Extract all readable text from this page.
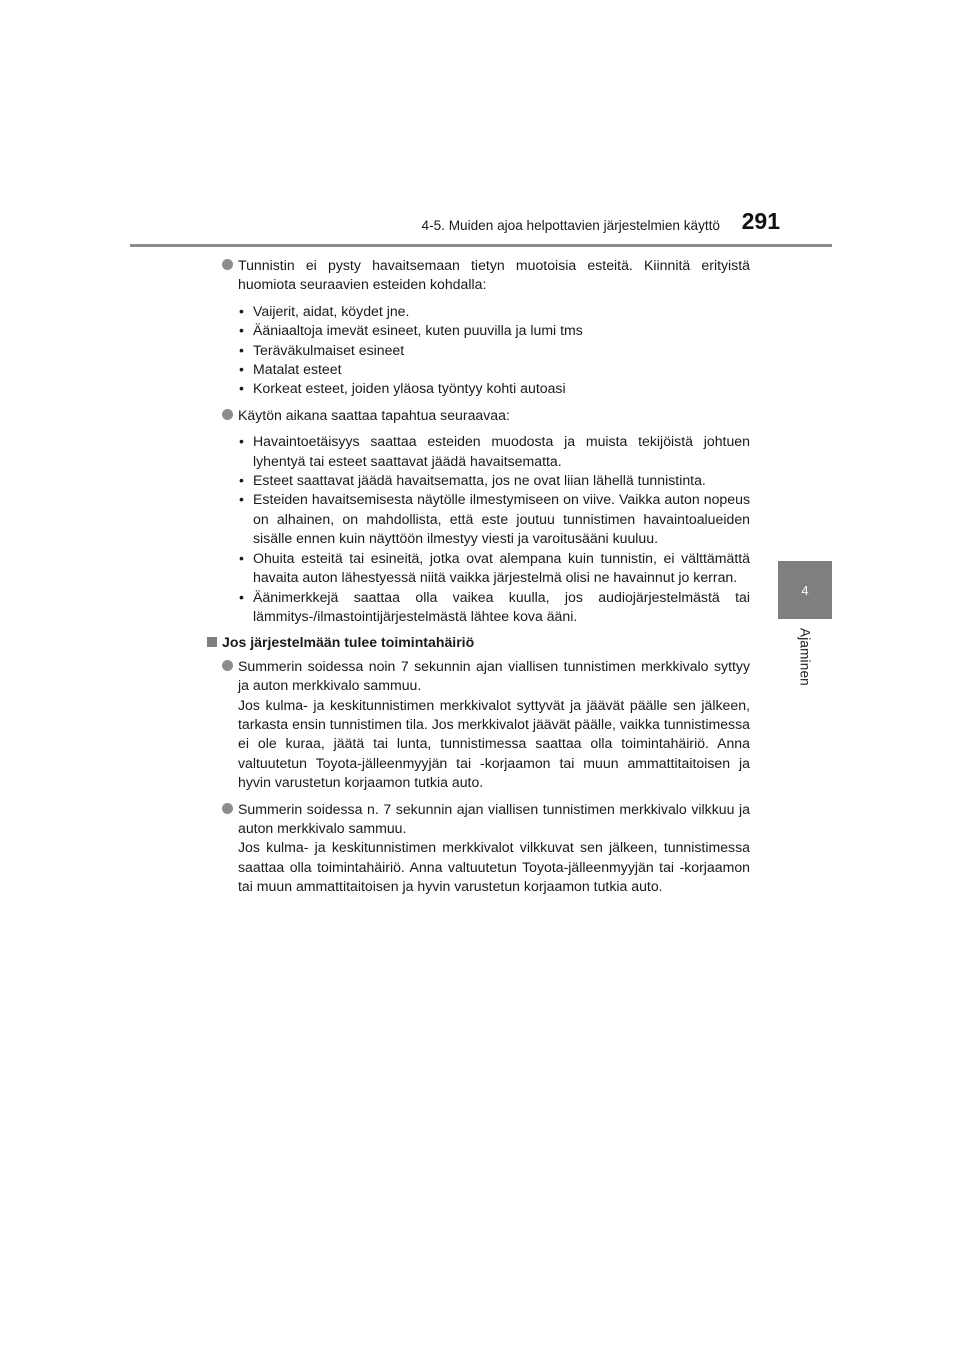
4-5. Muiden ajoa helpottavien järjestelmien käyttö 291
4
Ajaminen
Tunnistin ei pysty havaitsemaan tietyn muotoisia esteitä. Kiinnitä erityistä huomiota seuraavien esteiden kohdalla:
• Vaijerit, aidat, köydet jne.
• Ääniaaltoja imevät esineet, kuten puuvilla ja lumi tms
• Teräväkulmaiset esineet
• Matalat esteet
• Korkeat esteet, joiden yläosa työntyy kohti autoasi
Käytön aikana saattaa tapahtua seuraavaa:
• Havaintoetäisyys saattaa esteiden muodosta ja muista tekijöistä johtuen lyhentyä tai esteet saattavat jäädä havaitsematta.
• Esteet saattavat jäädä havaitsematta, jos ne ovat liian lähellä tunnistinta.
• Esteiden havaitsemisesta näytölle ilmestymiseen on viive. Vaikka auton nopeus on alhainen, on mahdollista, että este joutuu tunnistimen havaintoalueiden sisälle ennen kuin näyttöön ilmestyy viesti ja varoitusääni kuuluu.
• Ohuita esteitä tai esineitä, jotka ovat alempana kuin tunnistin, ei välttämättä havaita auton lähestyessä niitä vaikka järjestelmä olisi ne havainnut jo kerran.
• Äänimerkkejä saattaa olla vaikea kuulla, jos audiojärjestelmästä tai lämmitys-/ilmastointijärjestelmästä lähtee kova ääni.
Jos järjestelmään tulee toimintahäiriö
Summerin soidessa noin 7 sekunnin ajan viallisen tunnistimen merkkivalo syttyy ja auton merkkivalo sammuu.
Jos kulma- ja keskitunnistimen merkkivalot syttyvät ja jäävät päälle sen jälkeen, tarkasta ensin tunnistimen tila. Jos merkkivalot jäävät päälle, vaikka tunnistimessa ei ole kuraa, jäätä tai lunta, tunnistimessa saattaa olla toimintahäiriö. Anna valtuutetun Toyota-jälleenmyyjän tai -korjaamon tai muun ammattitaitoisen ja hyvin varustetun korjaamon tutkia auto.
Summerin soidessa n. 7 sekunnin ajan viallisen tunnistimen merkkivalo vilkkuu ja auton merkkivalo sammuu.
Jos kulma- ja keskitunnistimen merkkivalot vilkkuvat sen jälkeen, tunnistimessa saattaa olla toimintahäiriö. Anna valtuutetun Toyota-jälleenmyyjän tai -korjaamon tai muun ammattitaitoisen ja hyvin varustetun korjaamon tutkia auto.
